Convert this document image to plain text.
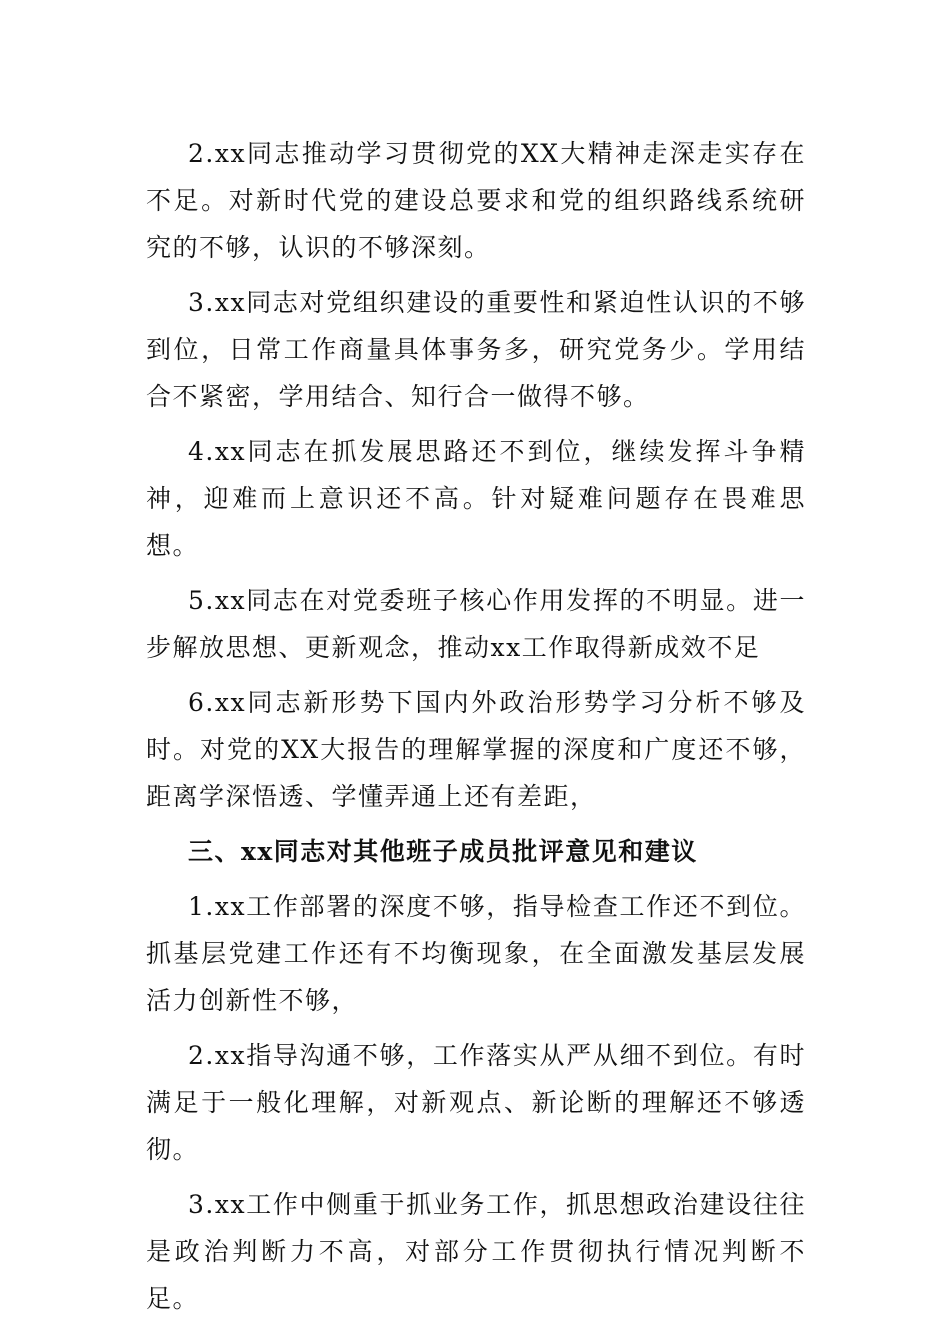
2.xx同志推动学习贯彻党的XX大精神走深走实存在不足。对新时代党的建设总要求和党的组织路线系统研究的不够，认识的不够深刻。

3.xx同志对党组织建设的重要性和紧迫性认识的不够到位，日常工作商量具体事务多，研究党务少。学用结合不紧密，学用结合、知行合一做得不够。

4.xx同志在抓发展思路还不到位，继续发挥斗争精神，迎难而上意识还不高。针对疑难问题存在畏难思想。

5.xx同志在对党委班子核心作用发挥的不明显。进一步解放思想、更新观念，推动xx工作取得新成效不足

6.xx同志新形势下国内外政治形势学习分析不够及时。对党的XX大报告的理解掌握的深度和广度还不够，距离学深悟透、学懂弄通上还有差距，

三、xx同志对其他班子成员批评意见和建议

1.xx工作部署的深度不够，指导检查工作还不到位。抓基层党建工作还有不均衡现象，在全面激发基层发展活力创新性不够，

2.xx指导沟通不够，工作落实从严从细不到位。有时满足于一般化理解，对新观点、新论断的理解还不够透彻。

3.xx工作中侧重于抓业务工作，抓思想政治建设往往是政治判断力不高，对部分工作贯彻执行情况判断不足。
